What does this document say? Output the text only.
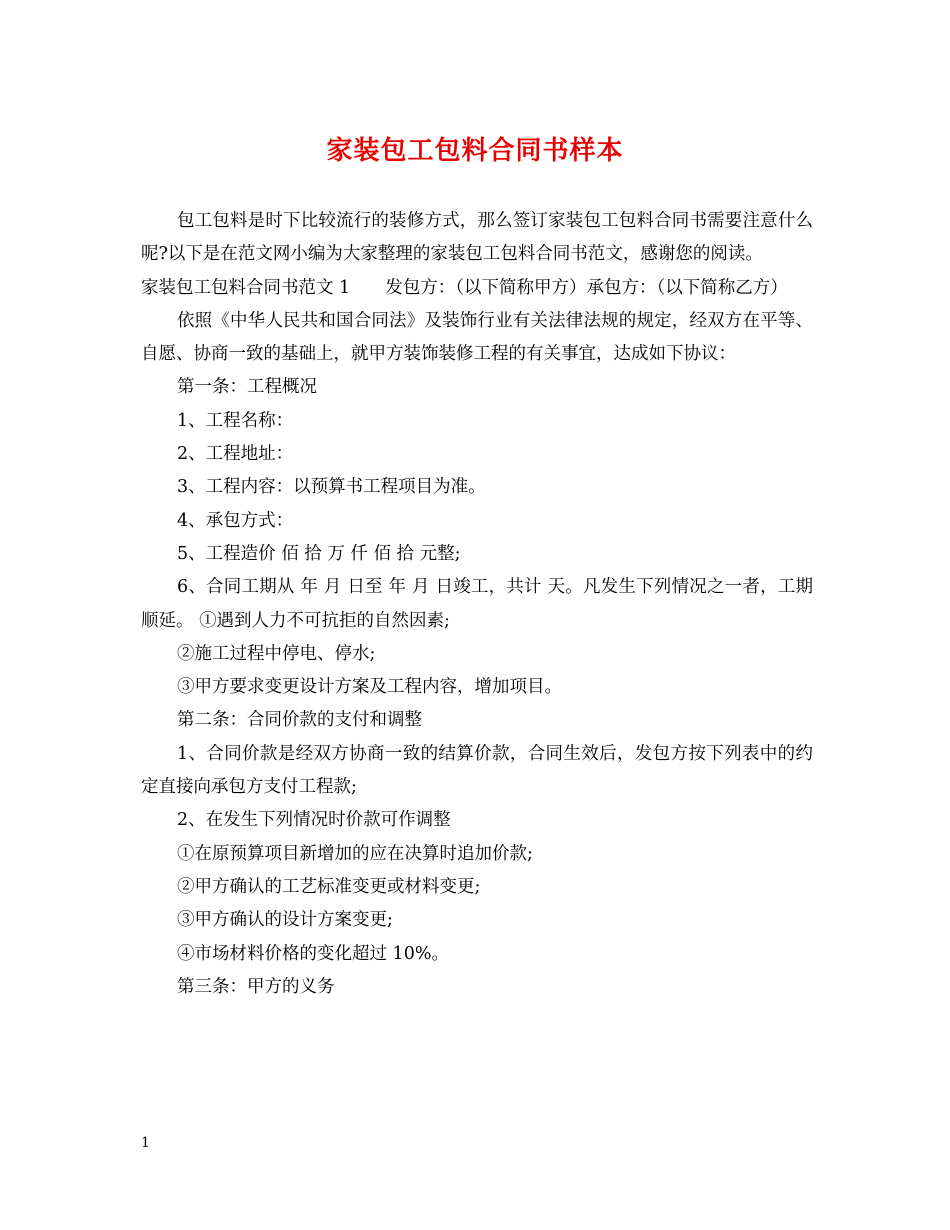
家装包工包料合同书样本

包工包料是时下比较流行的装修方式，那么签订家装包工包料合同书需要注意什么呢?以下是在范文网小编为大家整理的家装包工包料合同书范文，感谢您的阅读。

家装包工包料合同书范文 1　　发包方：（以下简称甲方）承包方：（以下简称乙方）

依照《中华人民共和国合同法》及装饰行业有关法律法规的规定，经双方在平等、自愿、协商一致的基础上，就甲方装饰装修工程的有关事宜，达成如下协议：

第一条：工程概况

1、工程名称：

2、工程地址：

3、工程内容：以预算书工程项目为准。

4、承包方式：

5、工程造价 佰 拾 万 仟 佰 拾 元整;

6、合同工期从 年 月 日至 年 月 日竣工，共计 天。凡发生下列情况之一者，工期顺延。 ①遇到人力不可抗拒的自然因素;

②施工过程中停电、停水;

③甲方要求变更设计方案及工程内容，增加项目。

第二条：合同价款的支付和调整

1、合同价款是经双方协商一致的结算价款，合同生效后，发包方按下列表中的约定直接向承包方支付工程款;

2、在发生下列情况时价款可作调整

①在原预算项目新增加的应在决算时追加价款;

②甲方确认的工艺标准变更或材料变更;

③甲方确认的设计方案变更;

④市场材料价格的变化超过 10%。

第三条：甲方的义务

1
